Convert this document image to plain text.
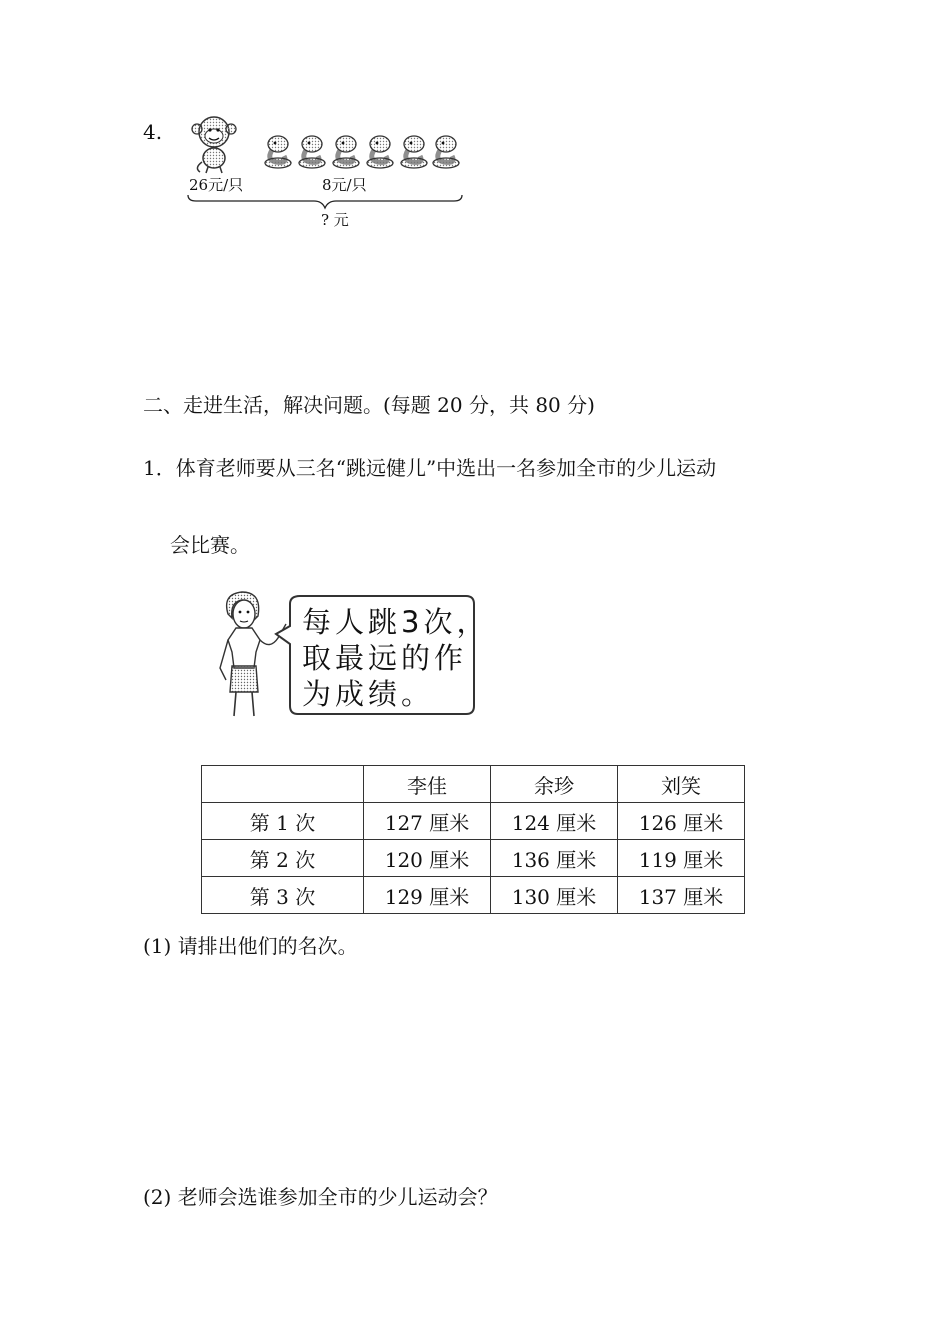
4.
26元/只	8元/只
? 元
二、走进生活，解决问题。(每题 20 分，共 80 分)
1．体育老师要从三名“跳远健儿”中选出一名参加全市的少儿运动
会比赛。
每人跳3次，
取最远的作
为成绩。
	李佳	余珍	刘笑
第 1 次	127 厘米	124 厘米	126 厘米
第 2 次	120 厘米	136 厘米	119 厘米
第 3 次	129 厘米	130 厘米	137 厘米
(1) 请排出他们的名次。
(2) 老师会选谁参加全市的少儿运动会？
